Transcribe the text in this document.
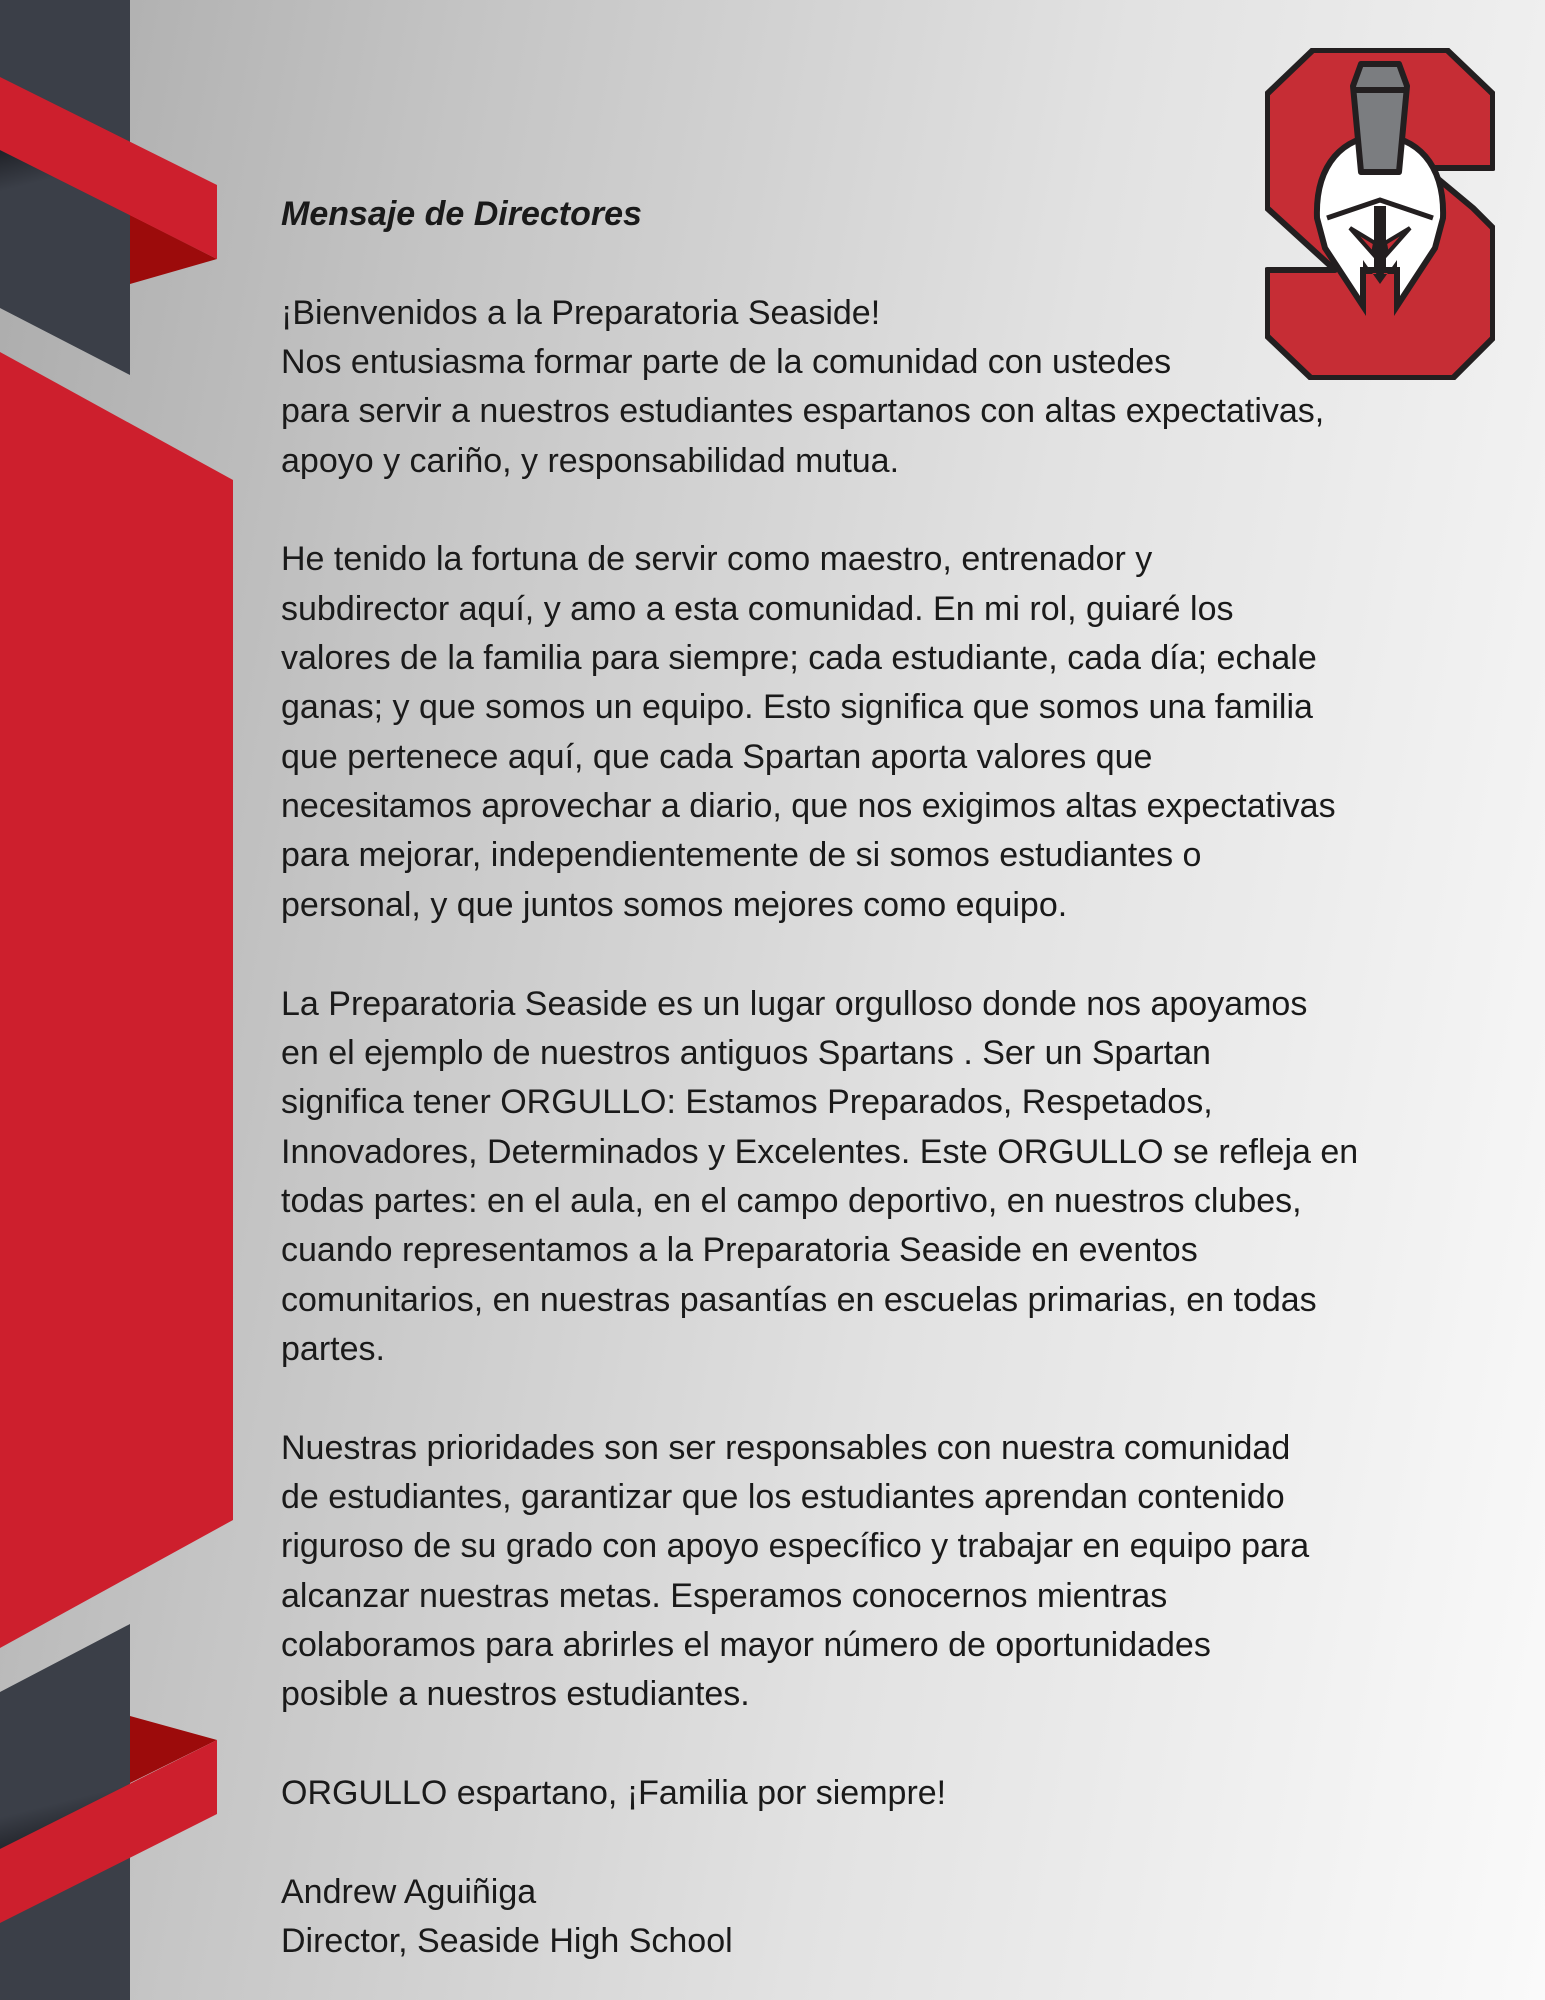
Mensaje de Directores
¡Bienvenidos a la Preparatoria Seaside!
Nos entusiasma formar parte de la comunidad con ustedes
para servir a nuestros estudiantes espartanos con altas expectativas,
apoyo y cariño, y responsabilidad mutua.
He tenido la fortuna de servir como maestro, entrenador y
subdirector aquí, y amo a esta comunidad. En mi rol, guiaré los
valores de la familia para siempre; cada estudiante, cada día; echale
ganas; y que somos un equipo. Esto significa que somos una familia
que pertenece aquí, que cada Spartan aporta valores que
necesitamos aprovechar a diario, que nos exigimos altas expectativas
para mejorar, independientemente de si somos estudiantes o
personal, y que juntos somos mejores como equipo.
La Preparatoria Seaside es un lugar orgulloso donde nos apoyamos
en el ejemplo de nuestros antiguos Spartans . Ser un Spartan
significa tener ORGULLO: Estamos Preparados, Respetados,
Innovadores, Determinados y Excelentes. Este ORGULLO se refleja en
todas partes: en el aula, en el campo deportivo, en nuestros clubes,
cuando representamos a la Preparatoria Seaside en eventos
comunitarios, en nuestras pasantías en escuelas primarias, en todas
partes.
Nuestras prioridades son ser responsables con nuestra comunidad
de estudiantes, garantizar que los estudiantes aprendan contenido
riguroso de su grado con apoyo específico y trabajar en equipo para
alcanzar nuestras metas. Esperamos conocernos mientras
colaboramos para abrirles el mayor número de oportunidades
posible a nuestros estudiantes.
ORGULLO espartano, ¡Familia por siempre!
Andrew Aguiñiga
Director, Seaside High School
